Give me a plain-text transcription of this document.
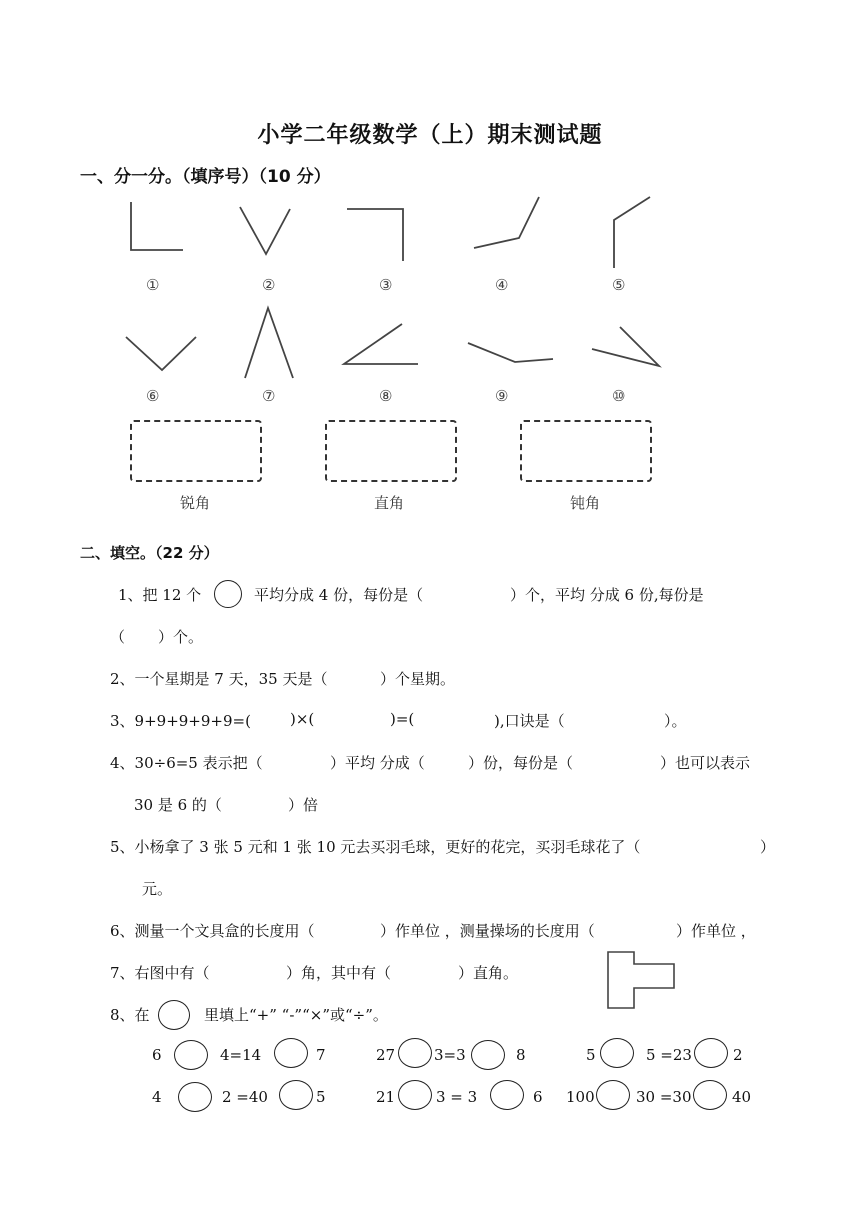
小学二年级数学（上）期末测试题
一、分一分。（填序号）（10 分）
①	②	③	④	⑤
⑥	⑦	⑧	⑨	⑩
锐角	直角	钝角
二、填空。（22 分）
1、把 12 个	平均分成 4 份，每份是（	）个，平均 分成 6 份,每份是
（ ）个。
2、一个星期是 7 天，35 天是（	）个星期。
3、9+9+9+9+9=(	)×(	)=(	),口诀是（	）。
4、30÷6=5 表示把（	）平均 分成（	）份，每份是（	）也可以表示
30 是 6 的（	）倍
5、小杨拿了 3 张 5 元和 1 张 10 元去买羽毛球，更好的花完，买羽毛球花了（	）
元。
6、测量一个文具盒的长度用（	）作单位 ，测量操场的长度用（	）作单位 ，
7、右图中有（	）角，其中有（	）直角。
8、在	里填上“+” “-”“×”或“÷”。
6	4=14	7	27	3=3	8	5	5 =23	2
4	2 =40	5	21	3 = 3	6 100	30 =30	40
